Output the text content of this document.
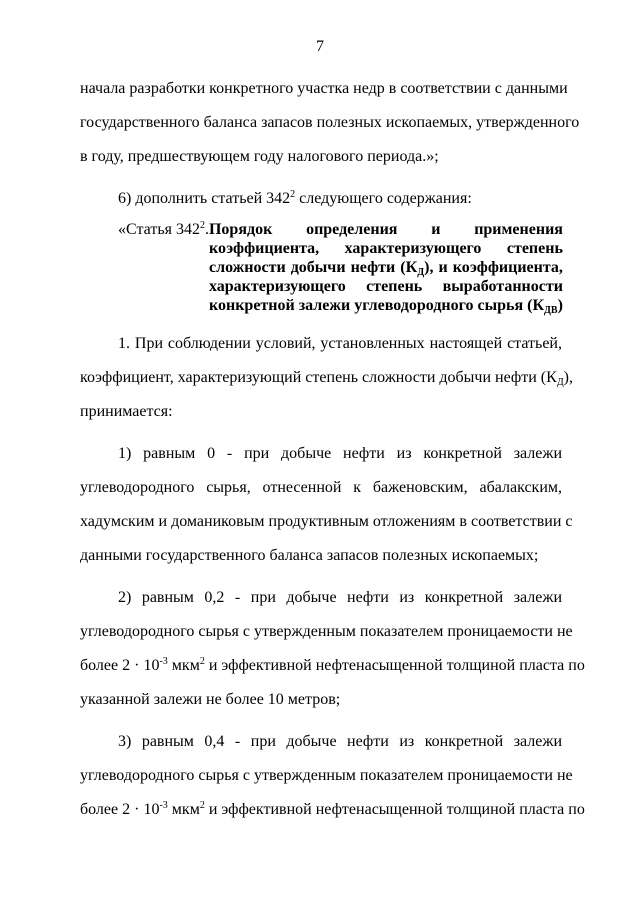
7
начала разработки конкретного участка недр в соответствии с данными
государственного баланса запасов полезных ископаемых, утвержденного
в году, предшествующем году налогового периода.»;
6) дополнить статьей $342^2$ следующего содержания:
«Статья $342^2$. Порядок определения и применения
коэффициента, характеризующего степень
сложности добычи нефти $(К_Д)$, и коэффициента,
характеризующего степень выработанности
конкретной залежи углеводородного сырья $(К_{ДВ})$
1. При соблюдении условий, установленных настоящей статьей,
коэффициент, характеризующий степень сложности добычи нефти $(К_Д)$,
принимается:
1) равным 0 - при добыче нефти из конкретной залежи
углеводородного сырья, отнесенной к баженовским, абалакским,
хадумским и доманиковым продуктивным отложениям в соответствии с
данными государственного баланса запасов полезных ископаемых;
2) равным 0,2 - при добыче нефти из конкретной залежи
углеводородного сырья с утвержденным показателем проницаемости не
более $2 \cdot 10^{-3}$ мкм$^2$ и эффективной нефтенасыщенной толщиной пласта по
указанной залежи не более 10 метров;
3) равным 0,4 - при добыче нефти из конкретной залежи
углеводородного сырья с утвержденным показателем проницаемости не
более $2 \cdot 10^{-3}$ мкм$^2$ и эффективной нефтенасыщенной толщиной пласта по
